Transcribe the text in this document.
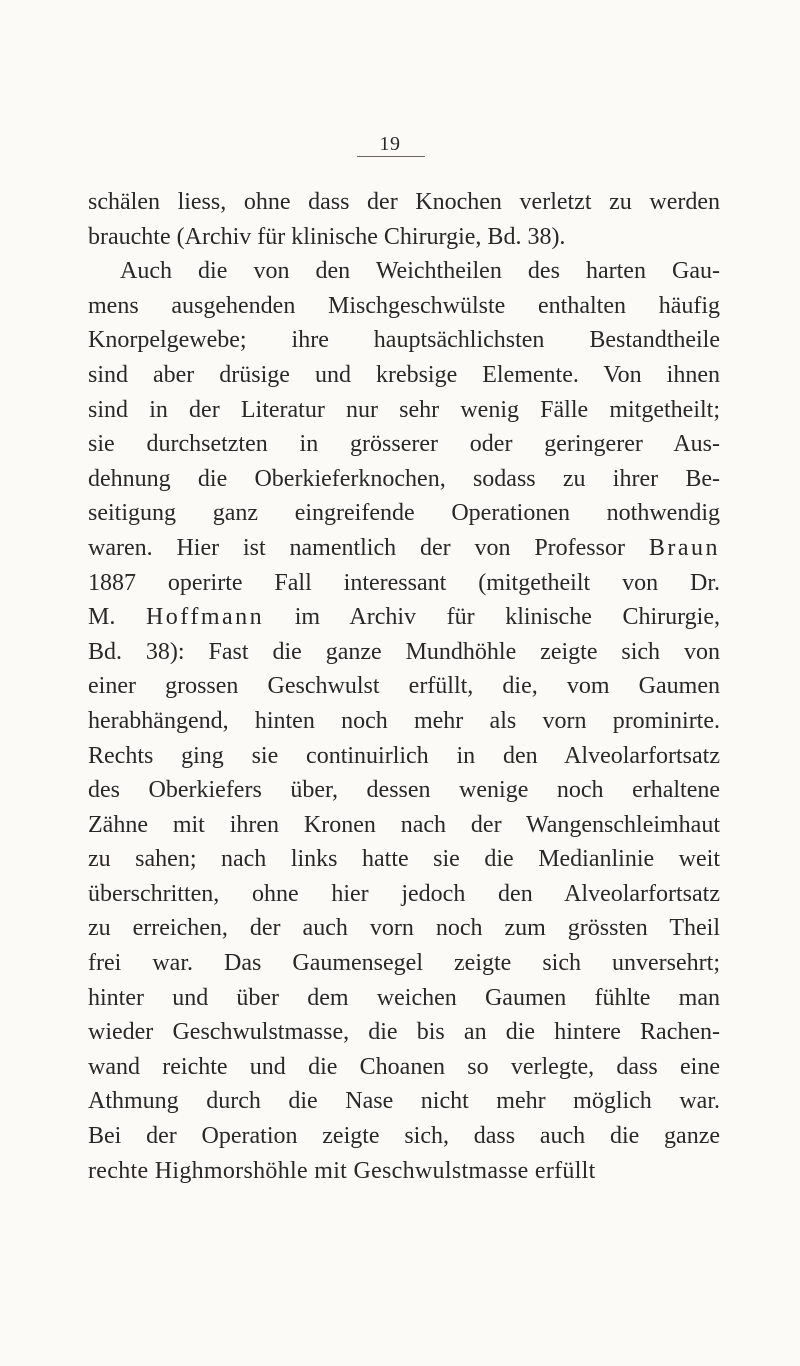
19
schälen liess, ohne dass der Knochen verletzt zu werden
brauchte (Archiv für klinische Chirurgie, Bd. 38).
Auch die von den Weichtheilen des harten Gau-
mens ausgehenden Mischgeschwülste enthalten häufig
Knorpelgewebe; ihre hauptsächlichsten Bestandtheile
sind aber drüsige und krebsige Elemente. Von ihnen
sind in der Literatur nur sehr wenig Fälle mitgetheilt;
sie durchsetzten in grösserer oder geringerer Aus-
dehnung die Oberkieferknochen, sodass zu ihrer Be-
seitigung ganz eingreifende Operationen nothwendig
waren. Hier ist namentlich der von Professor Braun
1887 operirte Fall interessant (mitgetheilt von Dr.
M. Hoffmann im Archiv für klinische Chirurgie,
Bd. 38): Fast die ganze Mundhöhle zeigte sich von
einer grossen Geschwulst erfüllt, die, vom Gaumen
herabhängend, hinten noch mehr als vorn prominirte.
Rechts ging sie continuirlich in den Alveolarfortsatz
des Oberkiefers über, dessen wenige noch erhaltene
Zähne mit ihren Kronen nach der Wangenschleimhaut
zu sahen; nach links hatte sie die Medianlinie weit
überschritten, ohne hier jedoch den Alveolarfortsatz
zu erreichen, der auch vorn noch zum grössten Theil
frei war. Das Gaumensegel zeigte sich unversehrt;
hinter und über dem weichen Gaumen fühlte man
wieder Geschwulstmasse, die bis an die hintere Rachen-
wand reichte und die Choanen so verlegte, dass eine
Athmung durch die Nase nicht mehr möglich war.
Bei der Operation zeigte sich, dass auch die ganze
rechte Highmorshöhle mit Geschwulstmasse erfüllt
